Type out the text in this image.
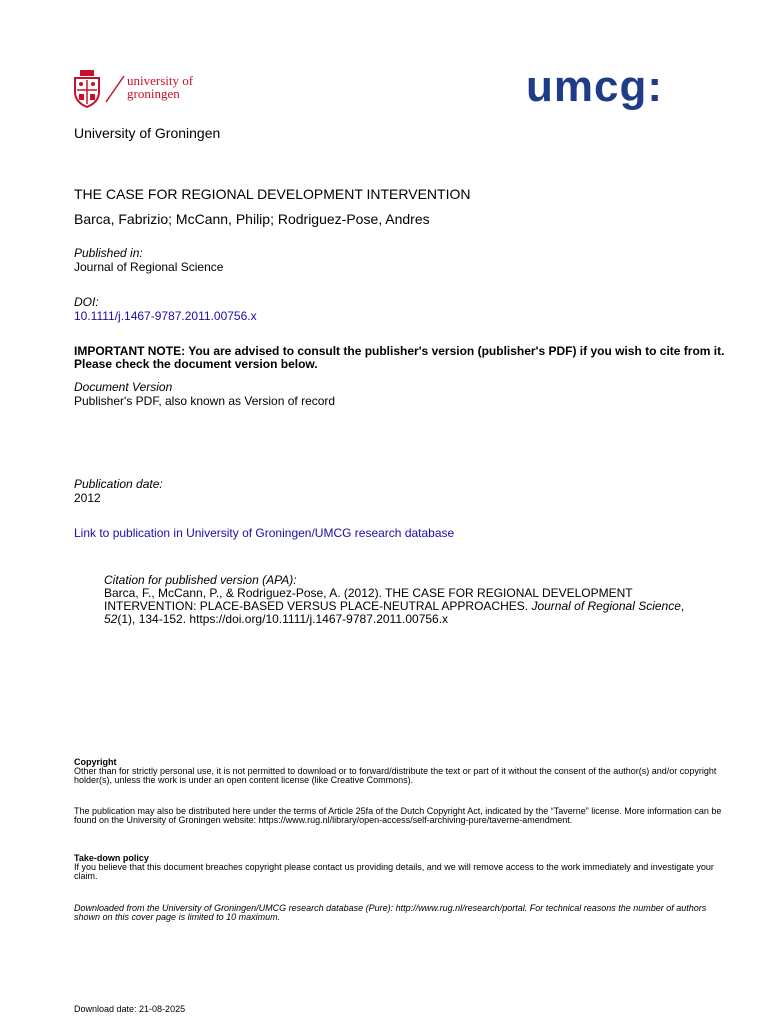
university of
groningen	umcg:
University of Groningen
THE CASE FOR REGIONAL DEVELOPMENT INTERVENTION
Barca, Fabrizio; McCann, Philip; Rodriguez-Pose, Andres
Published in:
Journal of Regional Science
DOI:
10.1111/j.1467-9787.2011.00756.x
IMPORTANT NOTE: You are advised to consult the publisher's version (publisher's PDF) if you wish to cite from it. Please check the document version below.
Document Version
Publisher's PDF, also known as Version of record
Publication date:
2012
Link to publication in University of Groningen/UMCG research database
Citation for published version (APA):
Barca, F., McCann, P., & Rodriguez-Pose, A. (2012). THE CASE FOR REGIONAL DEVELOPMENT INTERVENTION: PLACE-BASED VERSUS PLACE-NEUTRAL APPROACHES. Journal of Regional Science, 52(1), 134-152. https://doi.org/10.1111/j.1467-9787.2011.00756.x
Copyright
Other than for strictly personal use, it is not permitted to download or to forward/distribute the text or part of it without the consent of the author(s) and/or copyright holder(s), unless the work is under an open content license (like Creative Commons).
The publication may also be distributed here under the terms of Article 25fa of the Dutch Copyright Act, indicated by the “Taverne” license. More information can be found on the University of Groningen website: https://www.rug.nl/library/open-access/self-archiving-pure/taverne-amendment.
Take-down policy
If you believe that this document breaches copyright please contact us providing details, and we will remove access to the work immediately and investigate your claim.
Downloaded from the University of Groningen/UMCG research database (Pure): http://www.rug.nl/research/portal. For technical reasons the number of authors shown on this cover page is limited to 10 maximum.
Download date: 21-08-2025
